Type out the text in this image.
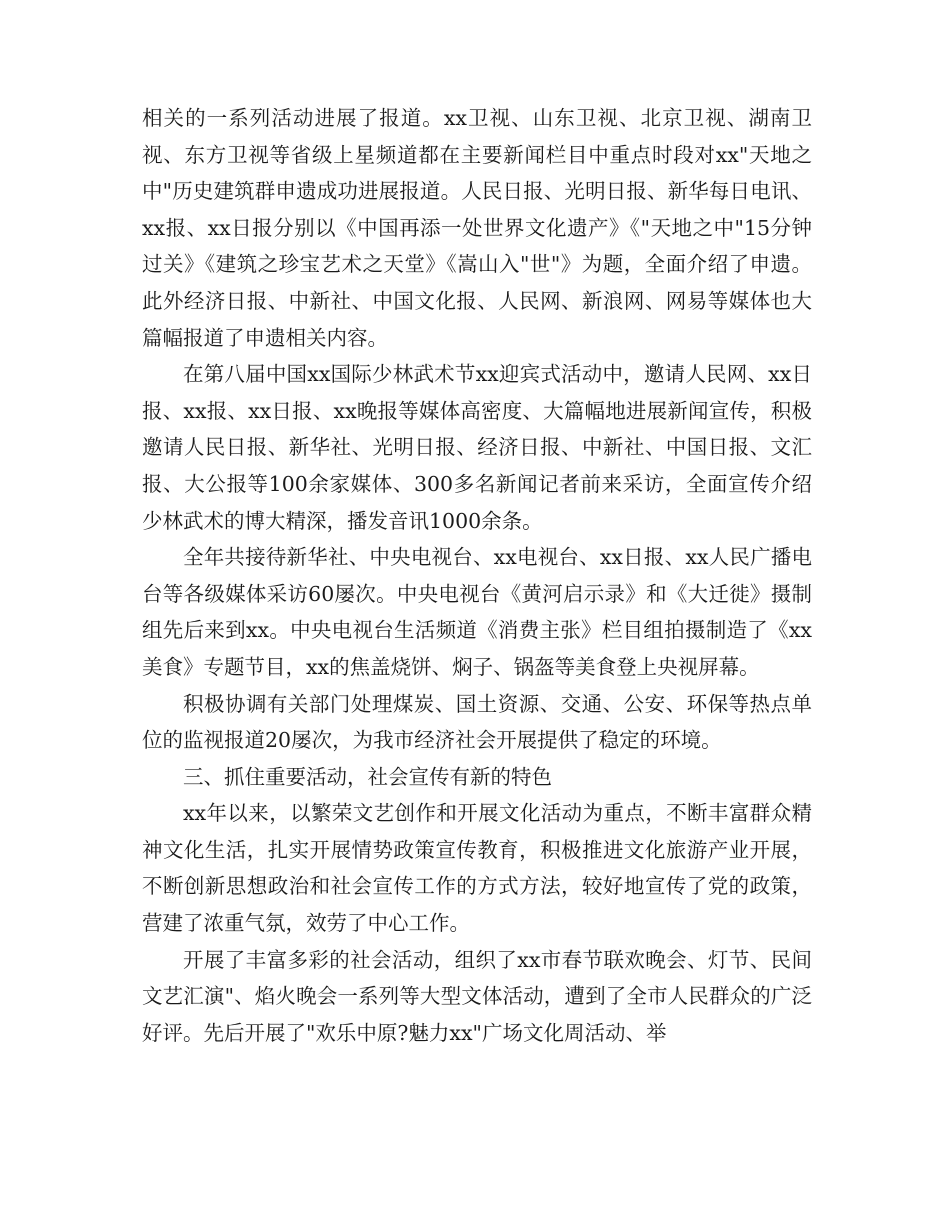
相关的一系列活动进展了报道。xx卫视、山东卫视、北京卫视、湖南卫视、东方卫视等省级上星频道都在主要新闻栏目中重点时段对xx"天地之中"历史建筑群申遗成功进展报道。人民日报、光明日报、新华每日电讯、xx报、xx日报分别以《中国再添一处世界文化遗产》《"天地之中"15分钟过关》《建筑之珍宝艺术之天堂》《嵩山入"世"》为题，全面介绍了申遗。此外经济日报、中新社、中国文化报、人民网、新浪网、网易等媒体也大篇幅报道了申遗相关内容。

在第八届中国xx国际少林武术节xx迎宾式活动中，邀请人民网、xx日报、xx报、xx日报、xx晚报等媒体高密度、大篇幅地进展新闻宣传，积极邀请人民日报、新华社、光明日报、经济日报、中新社、中国日报、文汇报、大公报等100余家媒体、300多名新闻记者前来采访，全面宣传介绍少林武术的博大精深，播发音讯1000余条。

全年共接待新华社、中央电视台、xx电视台、xx日报、xx人民广播电台等各级媒体采访60屡次。中央电视台《黄河启示录》和《大迁徙》摄制组先后来到xx。中央电视台生活频道《消费主张》栏目组拍摄制造了《xx美食》专题节目，xx的焦盖烧饼、焖子、锅盔等美食登上央视屏幕。

积极协调有关部门处理煤炭、国土资源、交通、公安、环保等热点单位的监视报道20屡次，为我市经济社会开展提供了稳定的环境。

三、抓住重要活动，社会宣传有新的特色

xx年以来，以繁荣文艺创作和开展文化活动为重点，不断丰富群众精神文化生活，扎实开展情势政策宣传教育，积极推进文化旅游产业开展，不断创新思想政治和社会宣传工作的方式方法，较好地宣传了党的政策，营建了浓重气氛，效劳了中心工作。

开展了丰富多彩的社会活动，组织了xx市春节联欢晚会、灯节、民间文艺汇演"、焰火晚会一系列等大型文体活动，遭到了全市人民群众的广泛好评。先后开展了"欢乐中原?魅力xx"广场文化周活动、举
